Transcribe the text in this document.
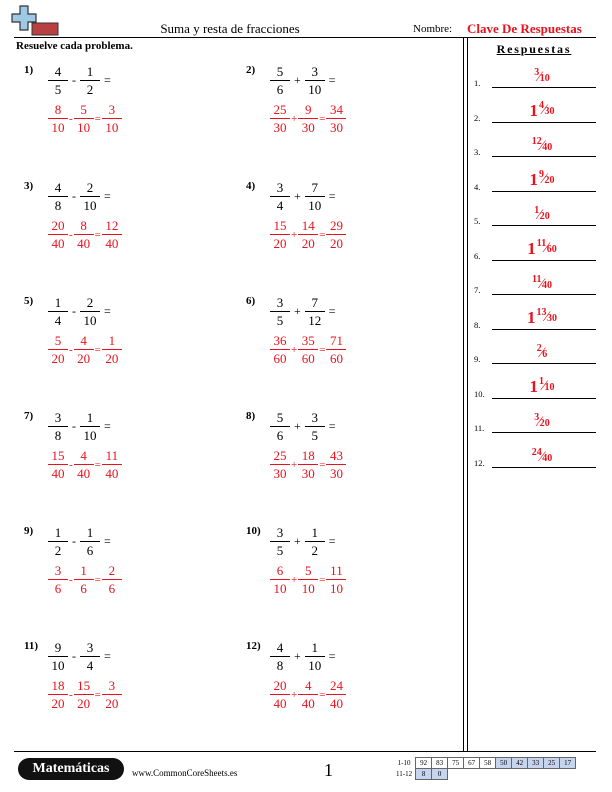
Suma y resta de fracciones	Nombre: Clave De Respuestas
Resuelve cada problema.
$1) \frac{4}{5} - \frac{1}{2}$ =
$\frac{8}{10} - \frac{5}{10} = \frac{3}{10}$
$2) \frac{5}{6} + \frac{3}{10}$ =
$\frac{25}{30} + \frac{9}{30} = \frac{34}{30}$
$3) \frac{4}{8} - \frac{2}{10}$ =
$\frac{20}{40} - \frac{8}{40} = \frac{12}{40}$
$4) \frac{3}{4} + \frac{7}{10}$ =
$\frac{15}{20} + \frac{14}{20} = \frac{29}{20}$
$5) \frac{1}{4} - \frac{2}{10}$ =
$\frac{5}{20} - \frac{4}{20} = \frac{1}{20}$
$6) \frac{3}{5} + \frac{7}{12}$ =
$\frac{36}{60} + \frac{35}{60} = \frac{71}{60}$
$7) \frac{3}{8} - \frac{1}{10}$ =
$\frac{15}{40} - \frac{4}{40} = \frac{11}{40}$
$8) \frac{5}{6} + \frac{3}{5}$ =
$\frac{25}{30} + \frac{18}{30} = \frac{43}{30}$
$9) \frac{1}{2} - \frac{1}{6}$ =
$\frac{3}{6} - \frac{1}{6} = \frac{2}{6}$
$10) \frac{3}{5} + \frac{1}{2}$ =
$\frac{6}{10} + \frac{5}{10} = \frac{11}{10}$
$11) \frac{9}{10} - \frac{3}{4}$ =
$\frac{18}{20} - \frac{15}{20} = \frac{3}{20}$
$12) \frac{4}{8} + \frac{1}{10}$ =
$\frac{20}{40} + \frac{4}{40} = \frac{24}{40}$
Respuestas
1.
3⁄10
2.	1 4⁄30
3.
12⁄40
4.	1 9⁄20
5.
1⁄20
6.	1 11⁄60
7.
11⁄40
8.	1 13⁄30
9.
2⁄6
10.	1 1⁄10
11.
3⁄20
12.
24⁄40
Matemáticas	www.CommonCoreSheets.es	1	1-10	92	83	75	67	58	50	42	33	25	17
11-12	8	0								
